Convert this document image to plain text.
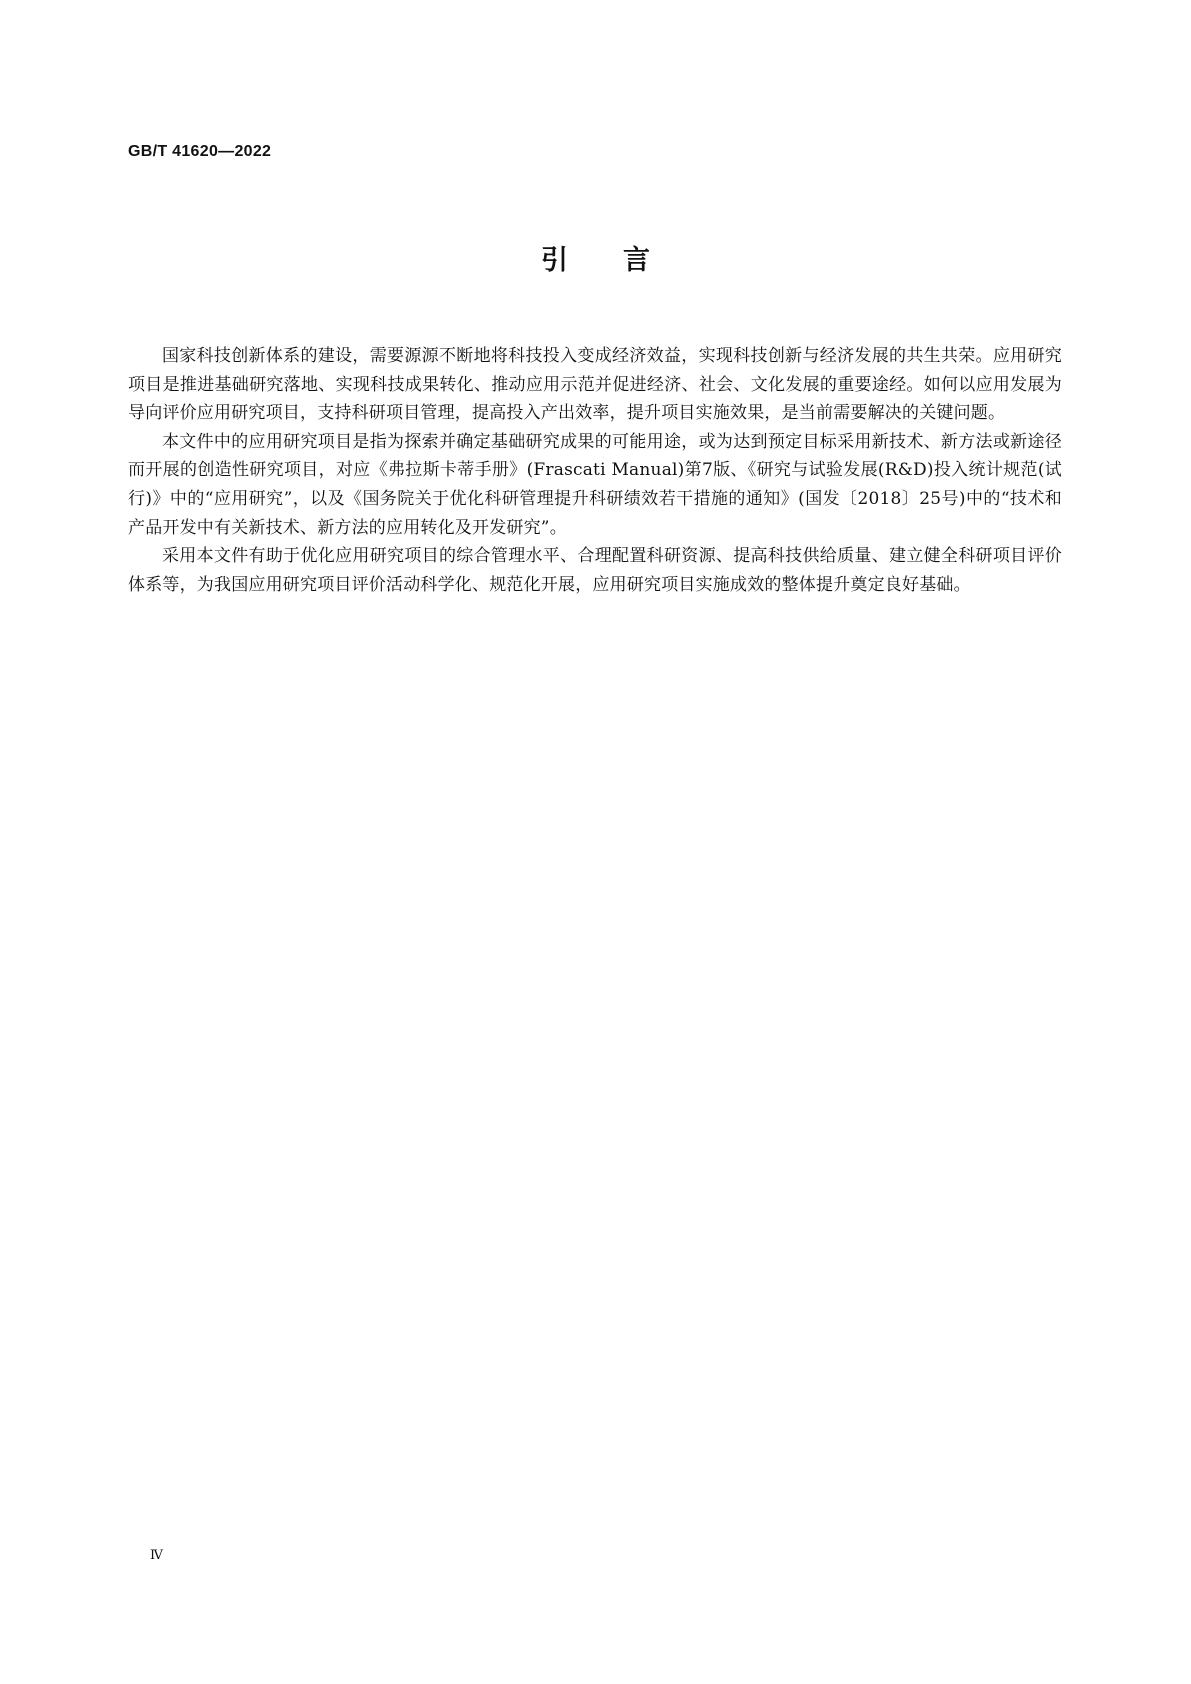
GB/T 41620—2022
引言

国家科技创新体系的建设，需要源源不断地将科技投入变成经济效益，实现科技创新与经济发展的共生共荣。应用研究项目是推进基础研究落地、实现科技成果转化、推动应用示范并促进经济、社会、文化发展的重要途经。如何以应用发展为导向评价应用研究项目，支持科研项目管理，提高投入产出效率，提升项目实施效果，是当前需要解决的关键问题。

本文件中的应用研究项目是指为探索并确定基础研究成果的可能用途，或为达到预定目标采用新技术、新方法或新途径而开展的创造性研究项目，对应《弗拉斯卡蒂手册》(Frascati Manual)第7版、《研究与试验发展(R&D)投入统计规范(试行)》中的“应用研究”，以及《国务院关于优化科研管理提升科研绩效若干措施的通知》(国发〔2018〕25号)中的“技术和产品开发中有关新技术、新方法的应用转化及开发研究”。

采用本文件有助于优化应用研究项目的综合管理水平、合理配置科研资源、提高科技供给质量、建立健全科研项目评价体系等，为我国应用研究项目评价活动科学化、规范化开展，应用研究项目实施成效的整体提升奠定良好基础。

Ⅳ
